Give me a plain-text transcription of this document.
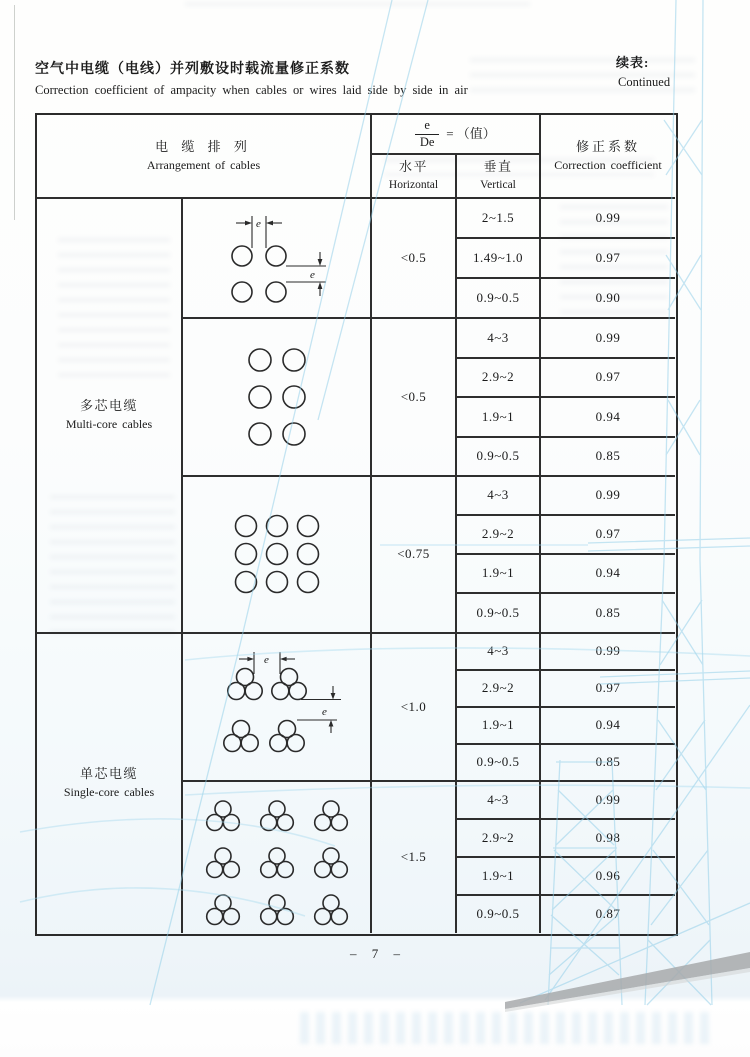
空气中电缆（电线）并列敷设时载流量修正系数
Correction coefficient of ampacity when cables or wires laid side by side in air
续表:
Continued
电 缆 排 列
Arrangement of cables
$\frac{e}{De}$ = （值）
修正系数
Correction coefficient
水平
Horizontal
垂直
Vertical
多芯电缆
Multi-core cables
单芯电缆
Single-core cables
e
e
e
e
<0.5
<0.5
<0.75
<1.0
<1.5
2~1.5	0.99
1.49~1.0	0.97
0.9~0.5	0.90
4~3	0.99
2.9~2	0.97
1.9~1	0.94
0.9~0.5	0.85
4~3	0.99
2.9~2	0.97
1.9~1	0.94
0.9~0.5	0.85
4~3	0.99
2.9~2	0.97
1.9~1	0.94
0.9~0.5	0.85
4~3	0.99
2.9~2	0.98
1.9~1	0.96
0.9~0.5	0.87
– 7 –
